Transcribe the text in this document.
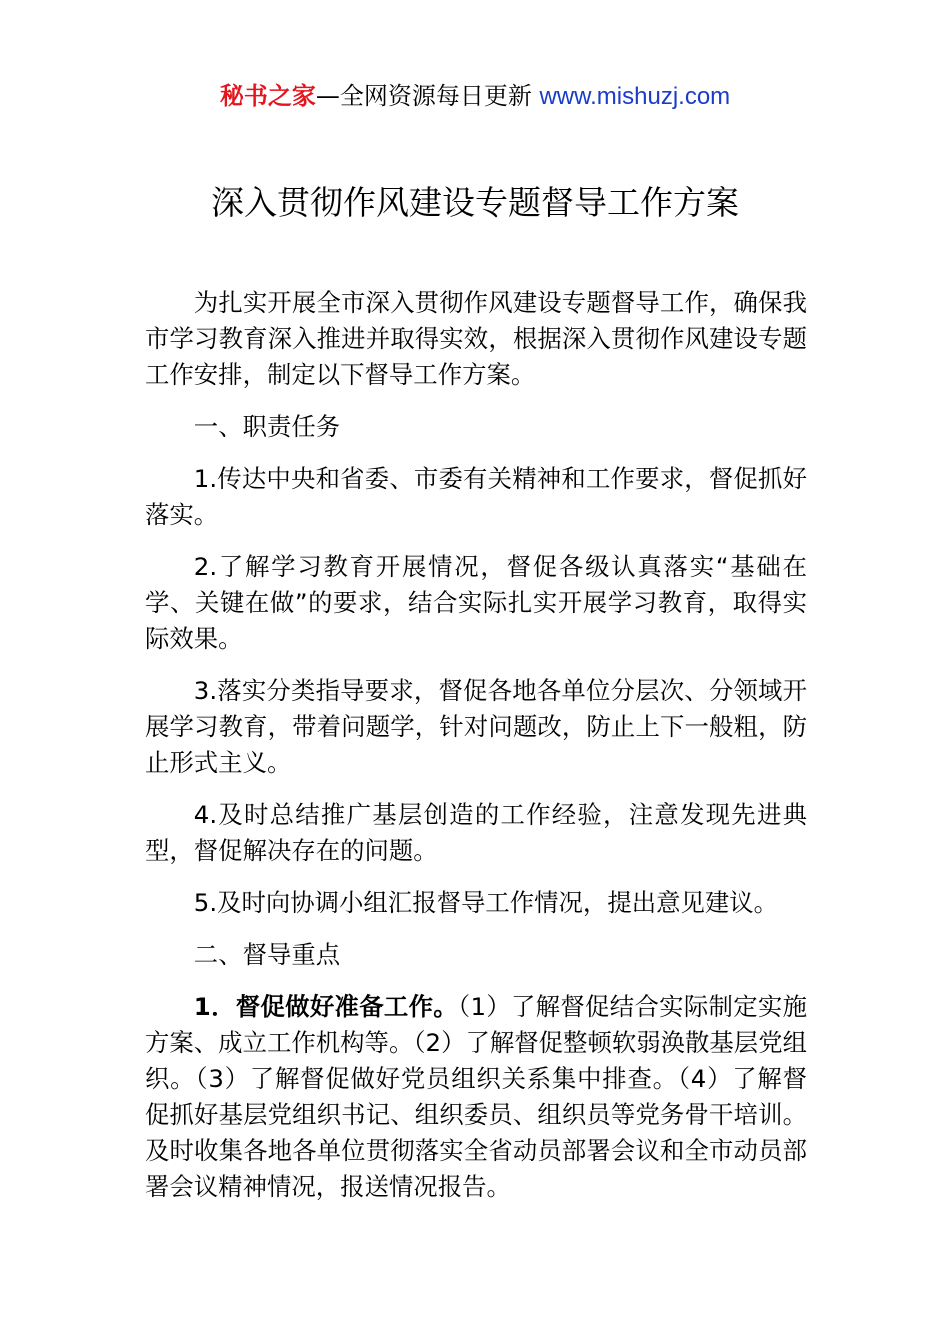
秘书之家—全网资源每日更新 www.mishuzj.com
深入贯彻作风建设专题督导工作方案

为扎实开展全市深入贯彻作风建设专题督导工作，确保我市学习教育深入推进并取得实效，根据深入贯彻作风建设专题工作安排，制定以下督导工作方案。

一、职责任务

1.传达中央和省委、市委有关精神和工作要求，督促抓好落实。

2.了解学习教育开展情况，督促各级认真落实“基础在学、关键在做”的要求，结合实际扎实开展学习教育，取得实际效果。

3.落实分类指导要求，督促各地各单位分层次、分领域开展学习教育，带着问题学，针对问题改，防止上下一般粗，防止形式主义。

4.及时总结推广基层创造的工作经验，注意发现先进典型，督促解决存在的问题。

5.及时向协调小组汇报督导工作情况，提出意见建议。

二、督导重点

1．督促做好准备工作。（1）了解督促结合实际制定实施方案、成立工作机构等。（2）了解督促整顿软弱涣散基层党组织。（3）了解督促做好党员组织关系集中排查。（4）了解督促抓好基层党组织书记、组织委员、组织员等党务骨干培训。及时收集各地各单位贯彻落实全省动员部署会议和全市动员部署会议精神情况，报送情况报告。
